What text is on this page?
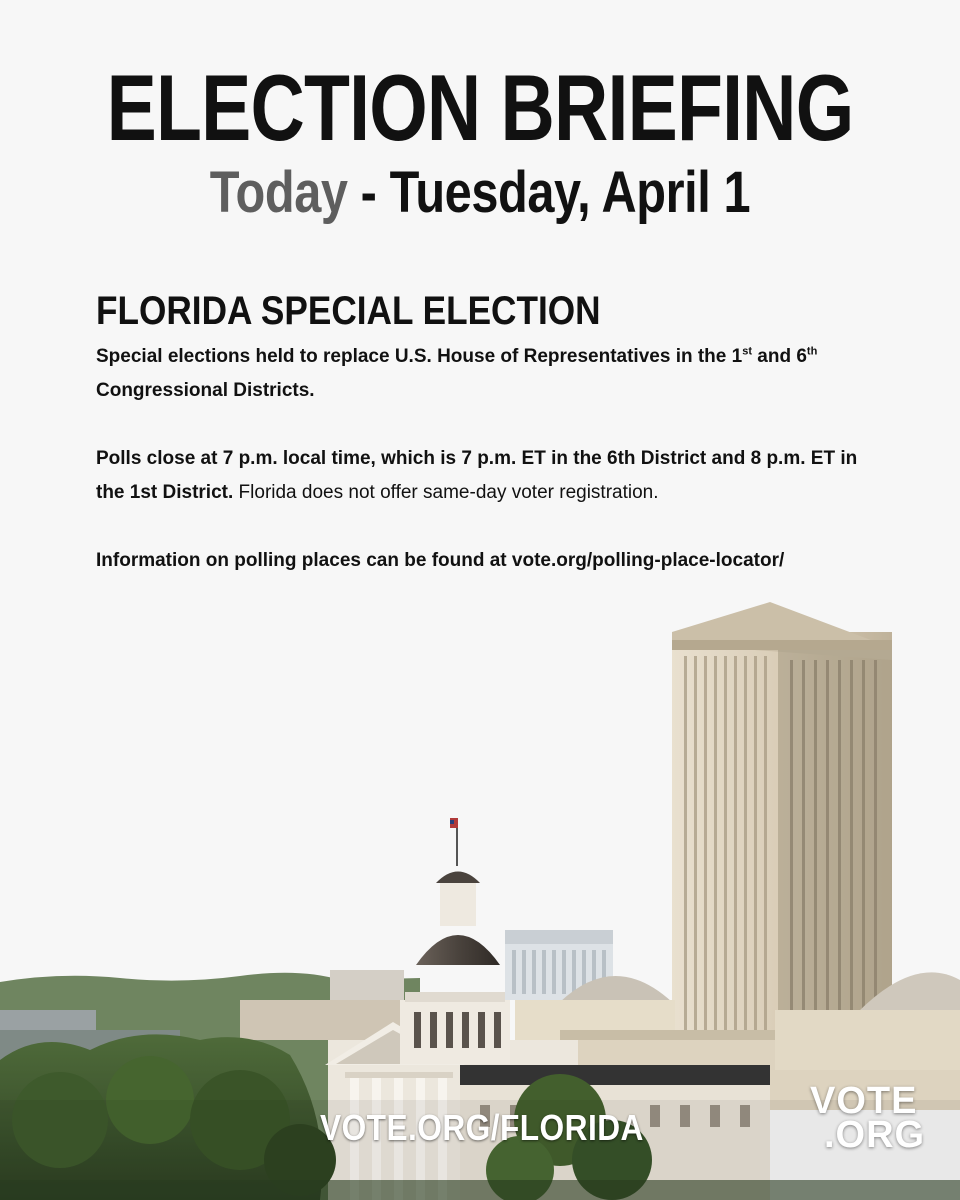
ELECTION BRIEFING
Today - Tuesday, April 1
FLORIDA SPECIAL ELECTION

Special elections held to replace U.S. House of Representatives in the 1st and 6th Congressional Districts.

Polls close at 7 p.m. local time, which is 7 p.m. ET in the 6th District and 8 p.m. ET in the 1st District. Florida does not offer same-day voter registration.

Information on polling places can be found at vote.org/polling-place-locator/

VOTE.ORG/FLORIDA
VOTE
.ORG
